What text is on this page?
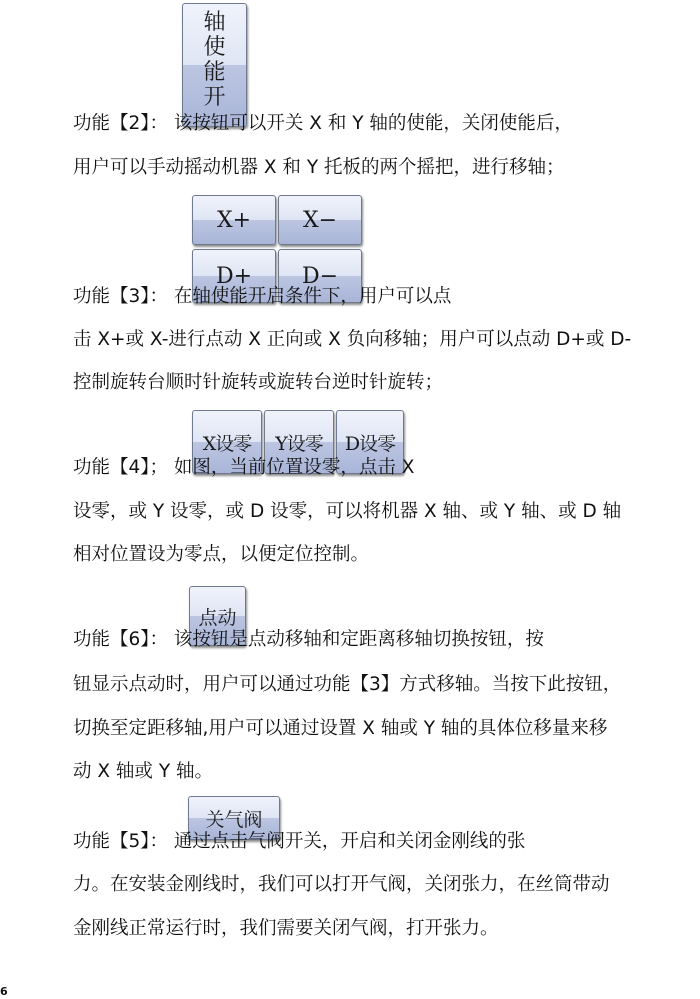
轴
使
能
开
功能【2】： 该按钮可以开关 X 和 Y 轴的使能，关闭使能后，
用户可以手动摇动机器 X 和 Y 托板的两个摇把，进行移轴；
X+	X−
D+	D−
功能【3】： 在轴使能开启条件下，用户可以点
击 X+或 X-进行点动 X 正向或 X 负向移轴；用户可以点动 D+或 D-
控制旋转台顺时针旋转或旋转台逆时针旋转；
X设零	Y设零	D设零
功能【4】； 如图，当前位置设零，点击 X
设零，或 Y 设零，或 D 设零，可以将机器 X 轴、或 Y 轴、或 D 轴
相对位置设为零点，以便定位控制。
点动
功能【6】： 该按钮是点动移轴和定距离移轴切换按钮，按
钮显示点动时，用户可以通过功能【3】方式移轴。当按下此按钮，
切换至定距移轴,用户可以通过设置 X 轴或 Y 轴的具体位移量来移
动 X 轴或 Y 轴。
关气阀
功能【5】： 通过点击气阀开关，开启和关闭金刚线的张
力。在安装金刚线时，我们可以打开气阀，关闭张力，在丝筒带动
金刚线正常运行时，我们需要关闭气阀，打开张力。
6
